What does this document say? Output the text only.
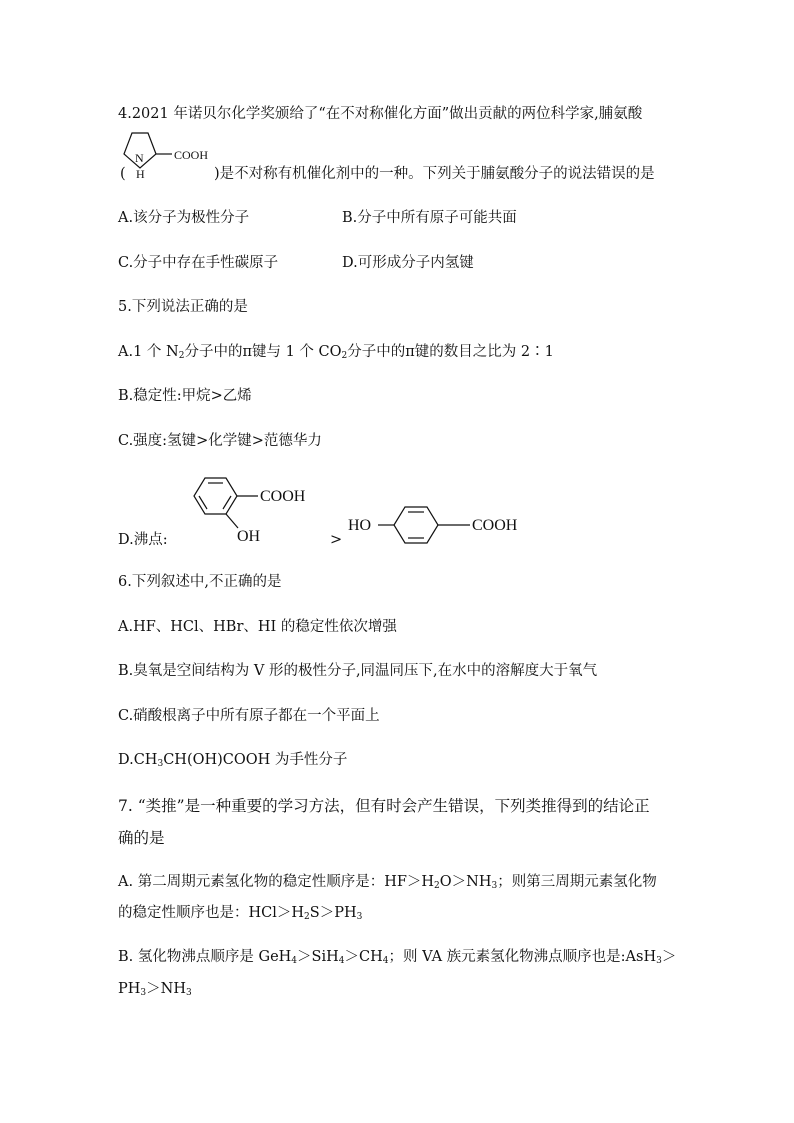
4.2021 年诺贝尔化学奖颁给了“在不对称催化方面”做出贡献的两位科学家,脯氨酸
N
H
COOH
(	)是不对称有机催化剂中的一种。下列关于脯氨酸分子的说法错误的是
A.该分子为极性分子	B.分子中所有原子可能共面
C.分子中存在手性碳原子	D.可形成分子内氢键
5.下列说法正确的是
A.1 个 $N_2$分子中的π键与 1 个 $CO_2$分子中的π键的数目之比为 2∶1
B.稳定性:甲烷>乙烯
C.强度:氢键>化学键>范德华力
COOH
OH
D.沸点:	>
HO	COOH
6.下列叙述中,不正确的是
A.HF、HCl、HBr、HI 的稳定性依次增强
B.臭氧是空间结构为 V 形的极性分子,同温同压下,在水中的溶解度大于氧气
C.硝酸根离子中所有原子都在一个平面上
$D.CH_3CH(OH)COOH$ 为手性分子
7. “类推”是一种重要的学习方法，但有时会产生错误，下列类推得到的结论正
确的是
A. 第二周期元素氢化物的稳定性顺序是：$HF>H_2O>NH_3$；则第三周期元素氢化物
的稳定性顺序也是：$HCl>H_2S>PH_3$
B. 氢化物沸点顺序是 $GeH_4>SiH_4>CH_4$；则 VA 族元素氢化物沸点顺序也是:AsH$_3$＞
$PH_3>NH_3$
